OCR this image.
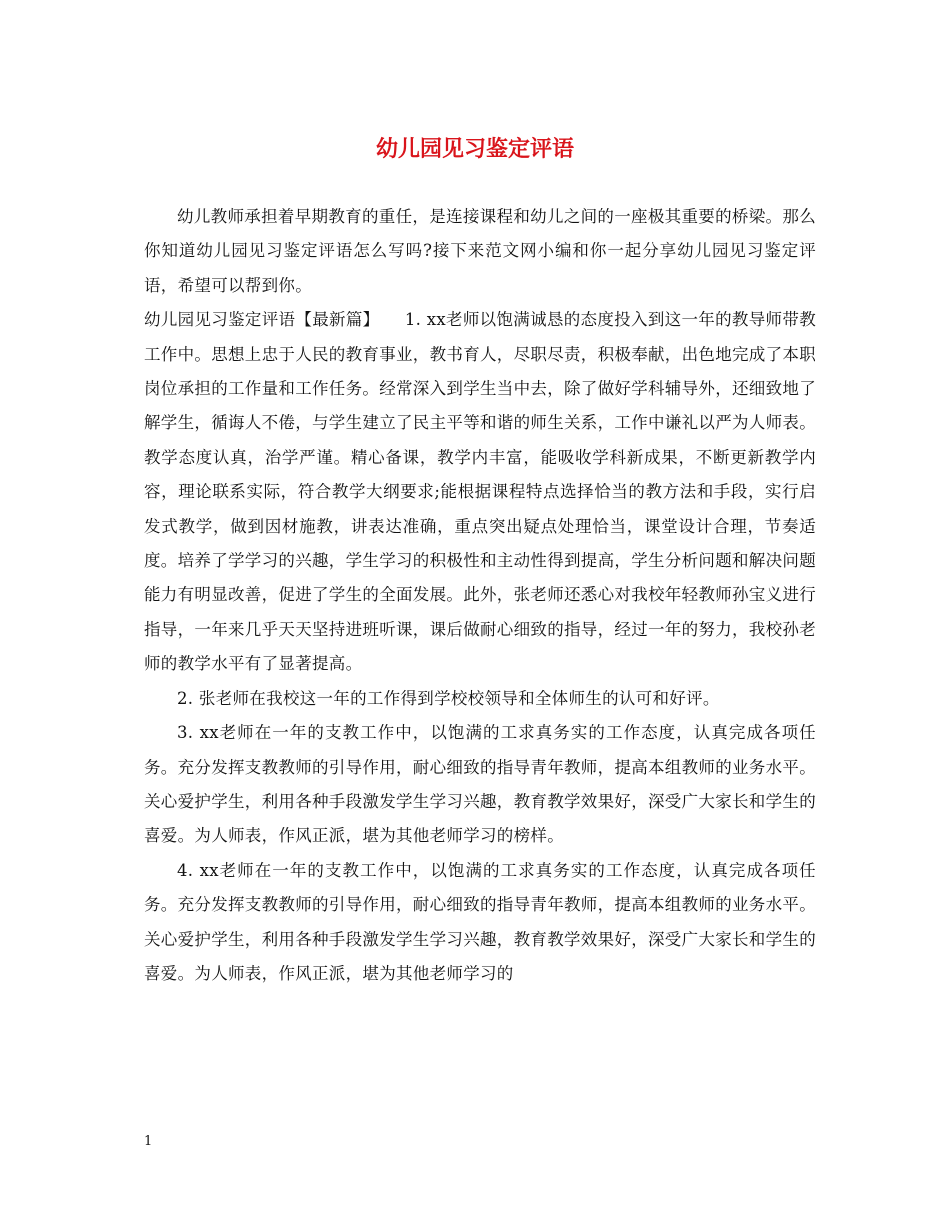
幼儿园见习鉴定评语

幼儿教师承担着早期教育的重任，是连接课程和幼儿之间的一座极其重要的桥梁。那么你知道幼儿园见习鉴定评语怎么写吗?接下来范文网小编和你一起分享幼儿园见习鉴定评语，希望可以帮到你。

幼儿园见习鉴定评语【最新篇】　　1. xx老师以饱满诚恳的态度投入到这一年的教导师带教工作中。思想上忠于人民的教育事业，教书育人，尽职尽责，积极奉献，出色地完成了本职岗位承担的工作量和工作任务。经常深入到学生当中去，除了做好学科辅导外，还细致地了解学生，循诲人不倦，与学生建立了民主平等和谐的师生关系，工作中谦礼以严为人师表。教学态度认真，治学严谨。精心备课，教学内丰富，能吸收学科新成果，不断更新教学内容，理论联系实际，符合教学大纲要求;能根据课程特点选择恰当的教方法和手段，实行启发式教学，做到因材施教，讲表达准确，重点突出疑点处理恰当，课堂设计合理，节奏适度。培养了学学习的兴趣，学生学习的积极性和主动性得到提高，学生分析问题和解决问题能力有明显改善，促进了学生的全面发展。此外，张老师还悉心对我校年轻教师孙宝义进行指导，一年来几乎天天坚持进班听课，课后做耐心细致的指导，经过一年的努力，我校孙老师的教学水平有了显著提高。

2. 张老师在我校这一年的工作得到学校校领导和全体师生的认可和好评。

3. xx老师在一年的支教工作中，以饱满的工求真务实的工作态度，认真完成各项任务。充分发挥支教教师的引导作用，耐心细致的指导青年教师，提高本组教师的业务水平。关心爱护学生，利用各种手段激发学生学习兴趣，教育教学效果好，深受广大家长和学生的喜爱。为人师表，作风正派，堪为其他老师学习的榜样。

4. xx老师在一年的支教工作中，以饱满的工求真务实的工作态度，认真完成各项任务。充分发挥支教教师的引导作用，耐心细致的指导青年教师，提高本组教师的业务水平。关心爱护学生，利用各种手段激发学生学习兴趣，教育教学效果好，深受广大家长和学生的喜爱。为人师表，作风正派，堪为其他老师学习的

1
